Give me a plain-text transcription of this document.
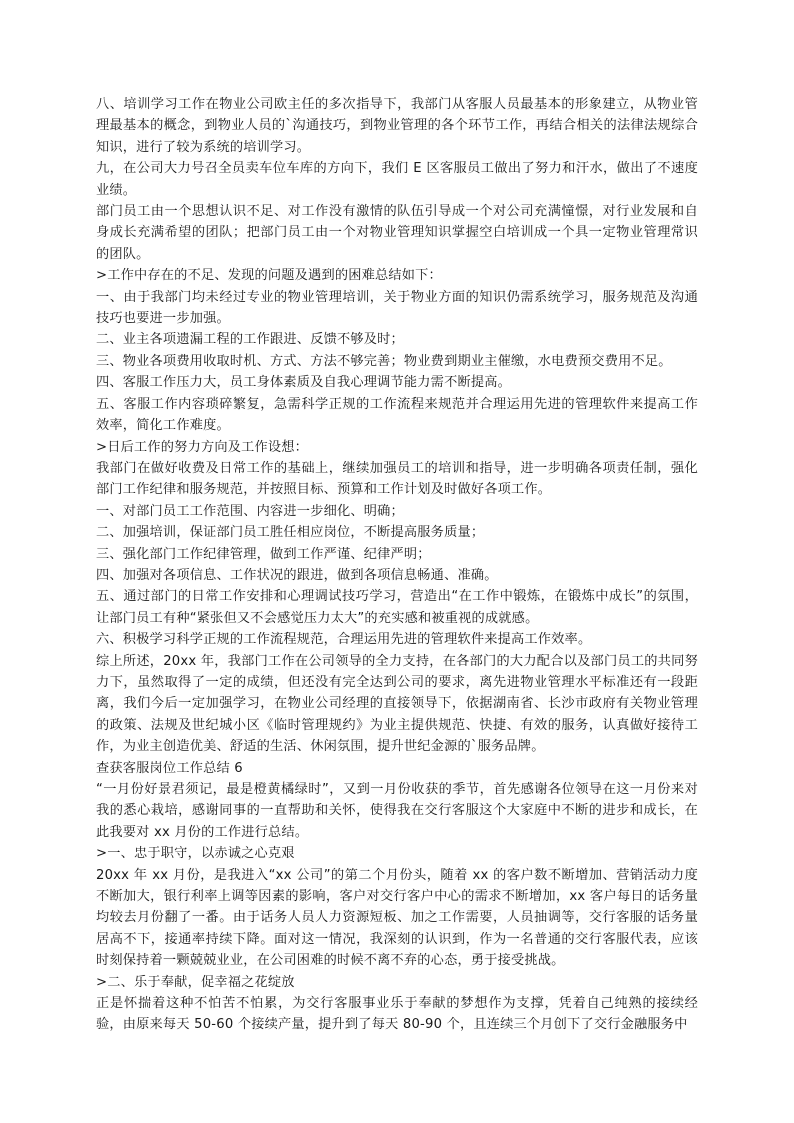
八、培训学习工作在物业公司欧主任的多次指导下，我部门从客服人员最基本的形象建立，从物业管理最基本的概念，到物业人员的`沟通技巧，到物业管理的各个环节工作，再结合相关的法律法规综合知识，进行了较为系统的培训学习。

九，在公司大力号召全员卖车位车库的方向下，我们 E 区客服员工做出了努力和汗水，做出了不速度业绩。

部门员工由一个思想认识不足、对工作没有激情的队伍引导成一个对公司充满憧憬，对行业发展和自身成长充满希望的团队；把部门员工由一个对物业管理知识掌握空白培训成一个具一定物业管理常识的团队。

>工作中存在的不足、发现的问题及遇到的困难总结如下：

一、由于我部门均未经过专业的物业管理培训，关于物业方面的知识仍需系统学习，服务规范及沟通技巧也要进一步加强。

二、业主各项遗漏工程的工作跟进、反馈不够及时；

三、物业各项费用收取时机、方式、方法不够完善；物业费到期业主催缴，水电费预交费用不足。

四、客服工作压力大，员工身体素质及自我心理调节能力需不断提高。

五、客服工作内容琐碎繁复，急需科学正规的工作流程来规范并合理运用先进的管理软件来提高工作效率，简化工作难度。

>日后工作的努力方向及工作设想：

我部门在做好收费及日常工作的基础上，继续加强员工的培训和指导，进一步明确各项责任制，强化部门工作纪律和服务规范，并按照目标、预算和工作计划及时做好各项工作。

一、对部门员工工作范围、内容进一步细化、明确；

二、加强培训，保证部门员工胜任相应岗位，不断提高服务质量；

三、强化部门工作纪律管理，做到工作严谨、纪律严明；

四、加强对各项信息、工作状况的跟进，做到各项信息畅通、准确。

五、通过部门的日常工作安排和心理调试技巧学习，营造出“在工作中锻炼，在锻炼中成长”的氛围，让部门员工有种“紧张但又不会感觉压力太大”的充实感和被重视的成就感。

六、积极学习科学正规的工作流程规范，合理运用先进的管理软件来提高工作效率。

综上所述，20xx 年，我部门工作在公司领导的全力支持，在各部门的大力配合以及部门员工的共同努力下，虽然取得了一定的成绩，但还没有完全达到公司的要求，离先进物业管理水平标准还有一段距离，我们今后一定加强学习，在物业公司经理的直接领导下，依据湖南省、长沙市政府有关物业管理的政策、法规及世纪城小区《临时管理规约》为业主提供规范、快捷、有效的服务，认真做好接待工作，为业主创造优美、舒适的生活、休闲氛围，提升世纪金源的`服务品牌。

查获客服岗位工作总结 6

“一月份好景君须记，最是橙黄橘绿时”，又到一月份收获的季节，首先感谢各位领导在这一月份来对我的悉心栽培，感谢同事的一直帮助和关怀，使得我在交行客服这个大家庭中不断的进步和成长，在此我要对 xx 月份的工作进行总结。

>一、忠于职守，以赤诚之心克艰

20xx 年 xx 月份，是我进入“xx 公司”的第二个月份头，随着 xx 的客户数不断增加、营销活动力度不断加大，银行利率上调等因素的影响，客户对交行客户中心的需求不断增加，xx 客户每日的话务量均较去月份翻了一番。由于话务人员人力资源短板、加之工作需要，人员抽调等，交行客服的话务量居高不下，接通率持续下降。面对这一情况，我深刻的认识到，作为一名普通的交行客服代表，应该时刻保持着一颗兢兢业业，在公司困难的时候不离不弃的心态，勇于接受挑战。

>二、乐于奉献，促幸福之花绽放

正是怀揣着这种不怕苦不怕累，为交行客服事业乐于奉献的梦想作为支撑，凭着自己纯熟的接续经验，由原来每天 50-60 个接续产量，提升到了每天 80-90 个，且连续三个月创下了交行金融服务中
